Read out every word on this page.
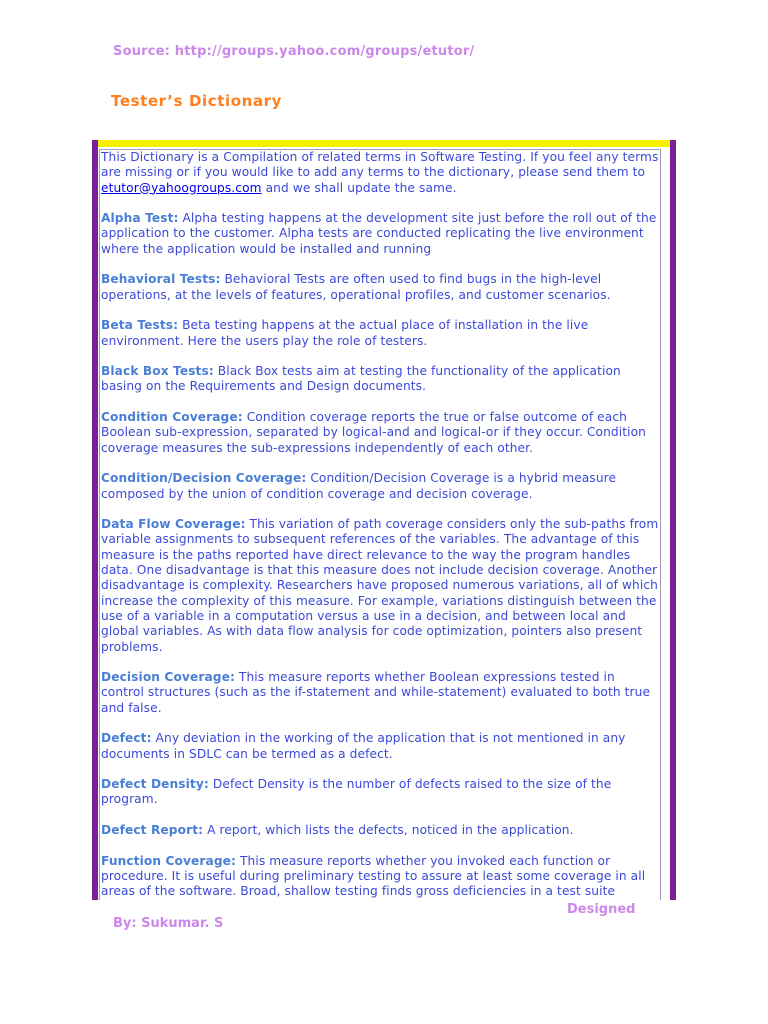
Source: http://groups.yahoo.com/groups/etutor/
Tester’s Dictionary

This Dictionary is a Compilation of related terms in Software Testing. If you feel any terms are missing or if you would like to add any terms to the dictionary, please send them to etutor@yahoogroups.com and we shall update the same.

Alpha Test: Alpha testing happens at the development site just before the roll out of the application to the customer. Alpha tests are conducted replicating the live environment where the application would be installed and running

Behavioral Tests: Behavioral Tests are often used to find bugs in the high-level operations, at the levels of features, operational profiles, and customer scenarios.

Beta Tests: Beta testing happens at the actual place of installation in the live environment. Here the users play the role of testers.

Black Box Tests: Black Box tests aim at testing the functionality of the application basing on the Requirements and Design documents.

Condition Coverage: Condition coverage reports the true or false outcome of each Boolean sub-expression, separated by logical-and and logical-or if they occur. Condition coverage measures the sub-expressions independently of each other.

Condition/Decision Coverage: Condition/Decision Coverage is a hybrid measure composed by the union of condition coverage and decision coverage.

Data Flow Coverage: This variation of path coverage considers only the sub-paths from variable assignments to subsequent references of the variables. The advantage of this measure is the paths reported have direct relevance to the way the program handles data. One disadvantage is that this measure does not include decision coverage. Another disadvantage is complexity. Researchers have proposed numerous variations, all of which increase the complexity of this measure. For example, variations distinguish between the use of a variable in a computation versus a use in a decision, and between local and global variables. As with data flow analysis for code optimization, pointers also present problems.

Decision Coverage: This measure reports whether Boolean expressions tested in control structures (such as the if-statement and while-statement) evaluated to both true and false.

Defect: Any deviation in the working of the application that is not mentioned in any documents in SDLC can be termed as a defect.

Defect Density: Defect Density is the number of defects raised to the size of the program.

Defect Report: A report, which lists the defects, noticed in the application.

Function Coverage: This measure reports whether you invoked each function or procedure. It is useful during preliminary testing to assure at least some coverage in all areas of the software. Broad, shallow testing finds gross deficiencies in a test suite

Designed
By: Sukumar. S
